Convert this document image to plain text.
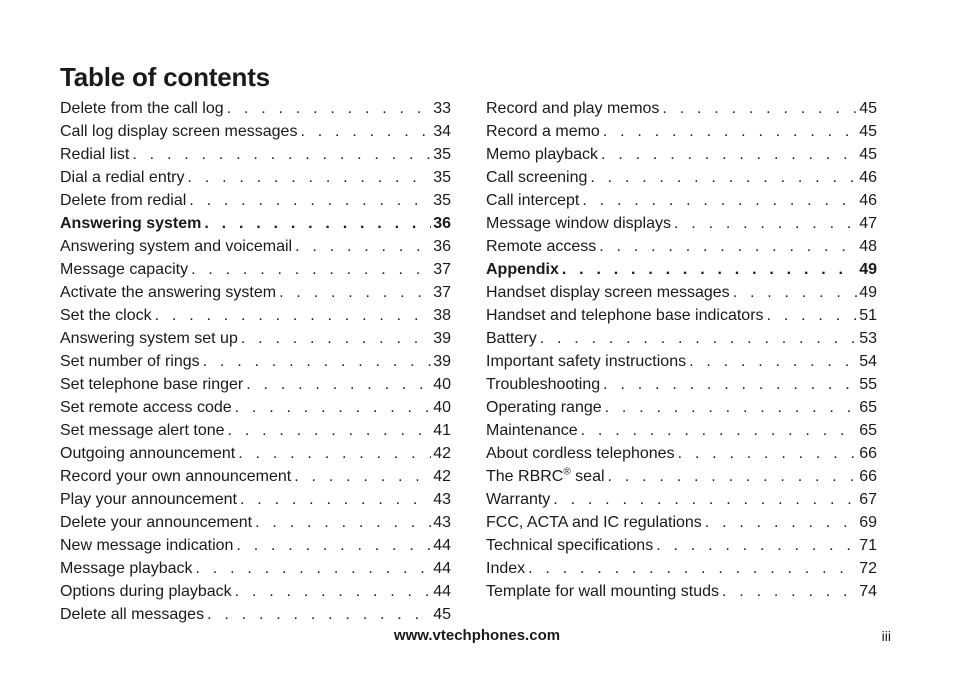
Table of contents
Delete from the call log . . .	33
Call log display screen messages . . .	34
Redial list . . .	35
Dial a redial entry . . .	35
Delete from redial . . .	35
Answering system . . .	36
Answering system and voicemail . . .	36
Message capacity . . .	37
Activate the answering system . . .	37
Set the clock . . .	38
Answering system set up . . .	39
Set number of rings . . .	39
Set telephone base ringer . . .	40
Set remote access code . . .	40
Set message alert tone . . .	41
Outgoing announcement . . .	42
Record your own announcement . . .	42
Play your announcement . . .	43
Delete your announcement . . .	43
New message indication . . .	44
Message playback . . .	44
Options during playback . . .	44
Delete all messages . . .	45
Record and play memos . . .	45
Record a memo . . .	45
Memo playback . . .	45
Call screening . . .	46
Call intercept . . .	46
Message window displays . . .	47
Remote access . . .	48
Appendix . . .	49
Handset display screen messages . . .	49
Handset and telephone base indicators . . .	51
Battery . . .	53
Important safety instructions . . .	54
Troubleshooting . . .	55
Operating range . . .	65
Maintenance . . .	65
About cordless telephones . . .	66
The RBRC® seal . . .	66
Warranty . . .	67
FCC, ACTA and IC regulations . . .	69
Technical specifications . . .	71
Index . . .	72
Template for wall mounting studs . . .	74
www.vtechphones.com	iii
